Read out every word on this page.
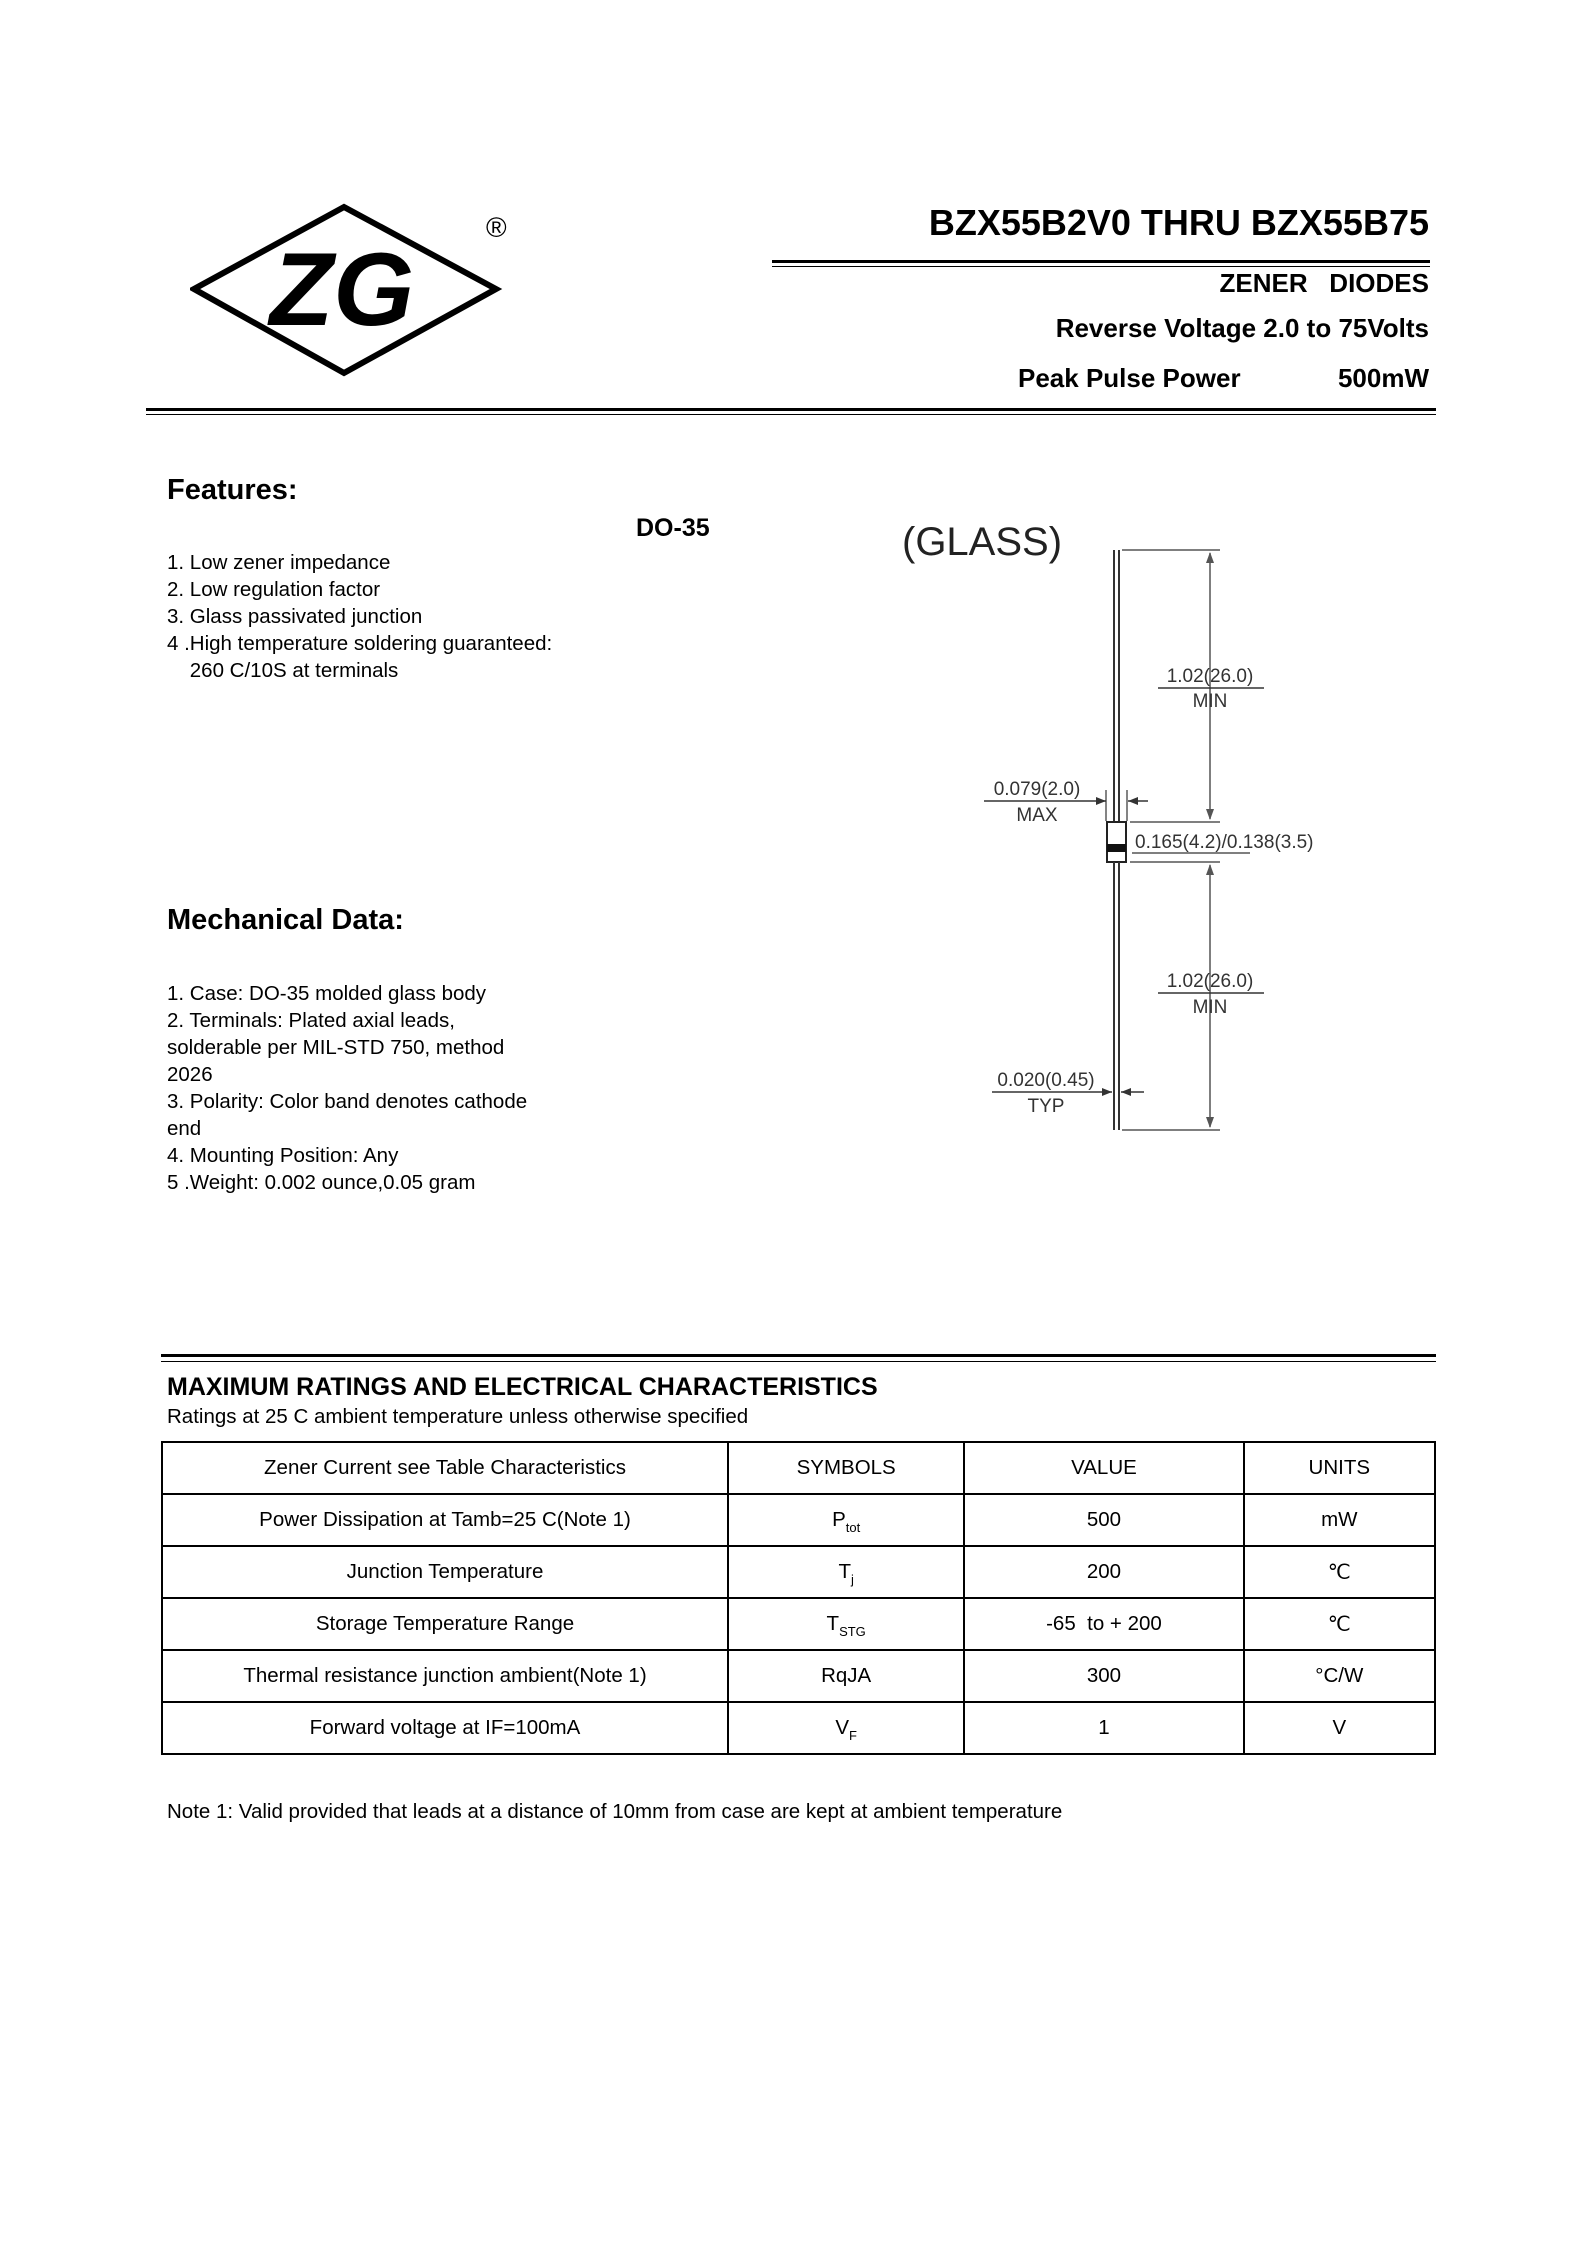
ZG
®	BZX55B2V0 THRU BZX55B75
ZENER   DIODES
Reverse Voltage 2.0 to 75Volts
Peak Pulse Power	500mW
Features:
1. Low zener impedance
2. Low regulation factor
3. Glass passivated junction
4 .High temperature soldering guaranteed:
260 C/10S at terminals
DO-35	(GLASS)
1.02(26.0)
MIN
0.079(2.0)
MAX
0.165(4.2)/0.138(3.5)
1.02(26.0)
MIN
0.020(0.45)
TYP
Mechanical Data:
1. Case: DO-35 molded glass body
2. Terminals: Plated axial leads,
solderable per MIL-STD 750, method
2026
3. Polarity: Color band denotes cathode
end
4. Mounting Position: Any
5 .Weight: 0.002 ounce,0.05 gram
MAXIMUM RATINGS AND ELECTRICAL CHARACTERISTICS
Ratings at 25 C ambient temperature unless otherwise specified
Zener Current see Table Characteristics	SYMBOLS	VALUE	UNITS
Power Dissipation at Tamb=25 C(Note 1)	$P_{tot}$	500	mW
Junction Temperature	$T_j$	200	℃
Storage Temperature Range	$T_{STG}$	-65  to + 200	℃
Thermal resistance junction ambient(Note 1)	RqJA	300	°C/W
Forward voltage at IF=100mA	$V_F$	1	V
Note 1: Valid provided that leads at a distance of 10mm from case are kept at ambient temperature
